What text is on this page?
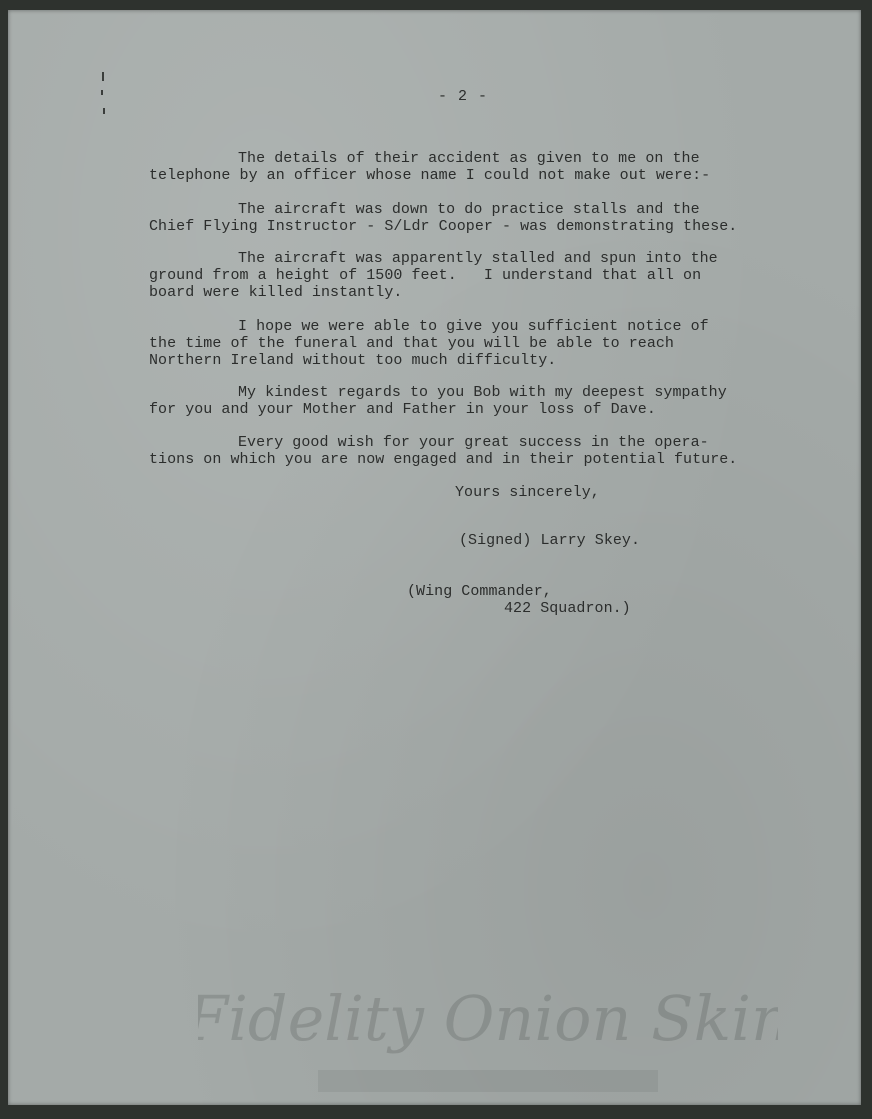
- 2 -
The details of their accident as given to me on the
telephone by an officer whose name I could not make out were:-
The aircraft was down to do practice stalls and the
Chief Flying Instructor - S/Ldr Cooper - was demonstrating these.
The aircraft was apparently stalled and spun into the
ground from a height of 1500 feet.   I understand that all on
board were killed instantly.
I hope we were able to give you sufficient notice of
the time of the funeral and that you will be able to reach
Northern Ireland without too much difficulty.
My kindest regards to you Bob with my deepest sympathy
for you and your Mother and Father in your loss of Dave.
Every good wish for your great success in the opera-
tions on which you are now engaged and in their potential future.
Yours sincerely,
(Signed) Larry Skey.
(Wing Commander,
422 Squadron.)
Fidelity Onion Skin
